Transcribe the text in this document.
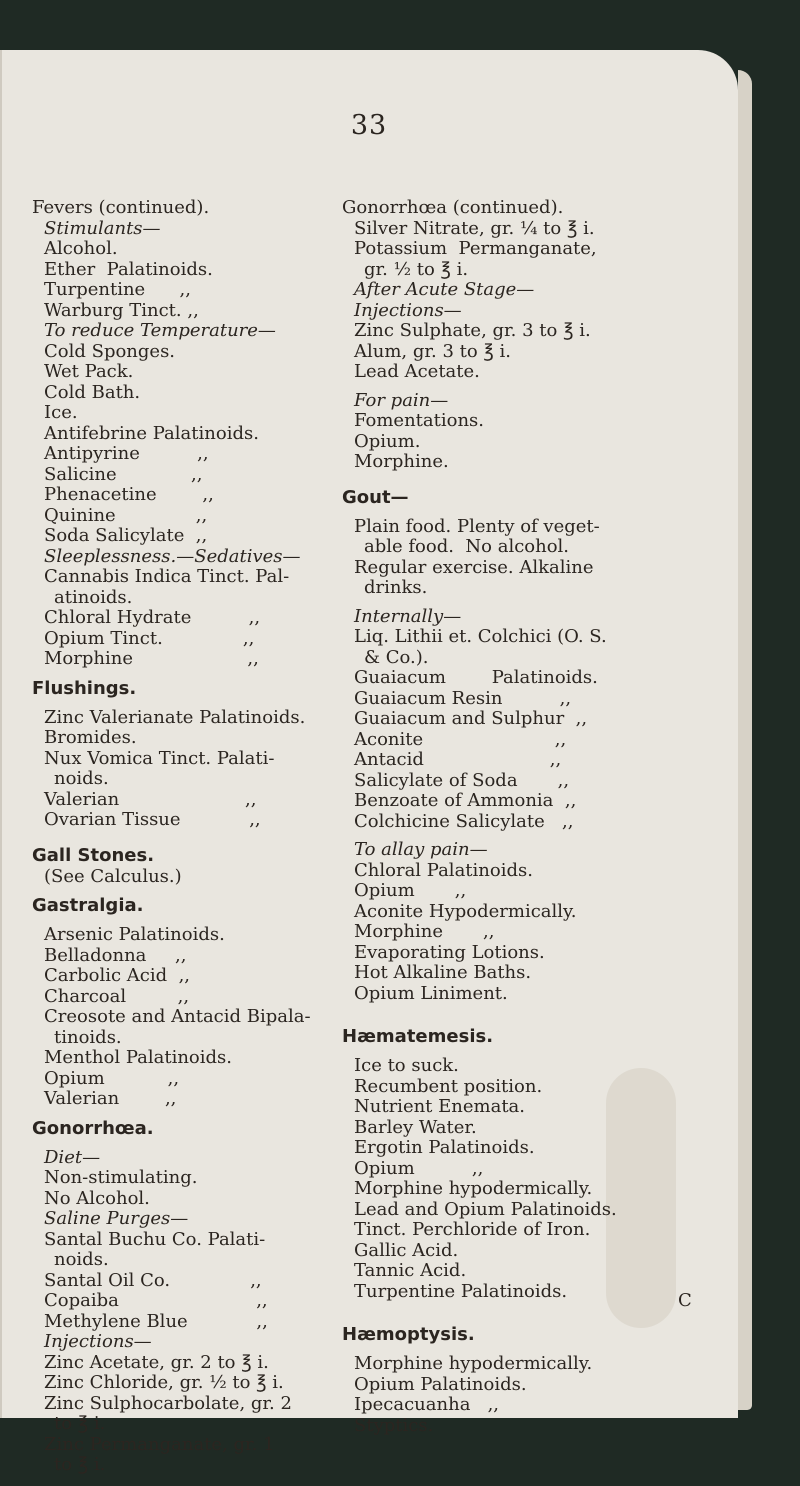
33
Fevers (continued).
Stimulants—
Alcohol.
Ether  Palatinoids.
Turpentine      ,,
Warburg Tinct. ,,
To reduce Temperature—
Cold Sponges.
Wet Pack.
Cold Bath.
Ice.
Antifebrine Palatinoids.
Antipyrine          ,,
Salicine             ,,
Phenacetine        ,,
Quinine              ,,
Soda Salicylate  ,,
Sleeplessness.—Sedatives—
Cannabis Indica Tinct. Pal-
atinoids.
Chloral Hydrate          ,,
Opium Tinct.              ,,
Morphine                    ,,
Flushings.
Zinc Valerianate Palatinoids.
Bromides.
Nux Vomica Tinct. Palati-
noids.
Valerian                      ,,
Ovarian Tissue            ,,
Gall Stones.
(See Calculus.)
Gastralgia.
Arsenic Palatinoids.
Belladonna     ,,
Carbolic Acid  ,,
Charcoal         ,,
Creosote and Antacid Bipala-
tinoids.
Menthol Palatinoids.
Opium           ,,
Valerian        ,,
Gonorrhœa.
Diet—
Non-stimulating.
No Alcohol.
Saline Purges—
Santal Buchu Co. Palati-
noids.
Santal Oil Co.              ,,
Copaiba                        ,,
Methylene Blue            ,,
Injections—
Zinc Acetate, gr. 2 to ℥ i.
Zinc Chloride, gr. ½ to ℥ i.
Zinc Sulphocarbolate, gr. 2
to ℥ i.
Zinc Permanganate, gr. 1
to ℥ i.
Gonorrhœa (continued).
Silver Nitrate, gr. ¼ to ℥ i.
Potassium  Permanganate,
gr. ½ to ℥ i.
After Acute Stage—
Injections—
Zinc Sulphate, gr. 3 to ℥ i.
Alum, gr. 3 to ℥ i.
Lead Acetate.
For pain—
Fomentations.
Opium.
Morphine.
Gout—
Plain food. Plenty of veget-
able food.  No alcohol.
Regular exercise. Alkaline
drinks.
Internally—
Liq. Lithii et. Colchici (O. S.
& Co.).
Guaiacum        Palatinoids.
Guaiacum Resin          ,,
Guaiacum and Sulphur  ,,
Aconite                       ,,
Antacid                      ,,
Salicylate of Soda       ,,
Benzoate of Ammonia  ,,
Colchicine Salicylate   ,,
To allay pain—
Chloral Palatinoids.
Opium       ,,
Aconite Hypodermically.
Morphine       ,,
Evaporating Lotions.
Hot Alkaline Baths.
Opium Liniment.
Hæmatemesis.
Ice to suck.
Recumbent position.
Nutrient Enemata.
Barley Water.
Ergotin Palatinoids.
Opium          ,,
Morphine hypodermically.
Lead and Opium Palatinoids.
Tinct. Perchloride of Iron.
Gallic Acid.
Tannic Acid.
Turpentine Palatinoids.
Hæmoptysis.
Morphine hypodermically.
Opium Palatinoids.
Ipecacuanha   ,,
Styptics.
C
